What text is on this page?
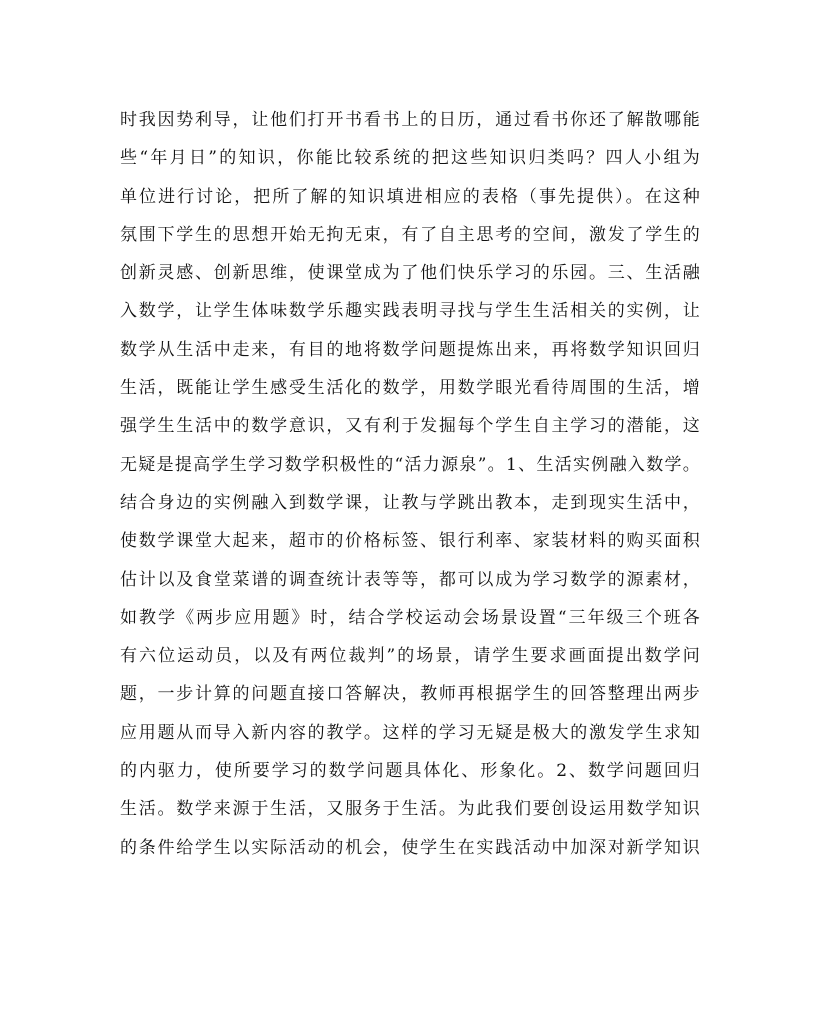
时我因势利导，让他们打开书看书上的日历，通过看书你还了解散哪能
些“年月日”的知识，你能比较系统的把这些知识归类吗？四人小组为
单位进行讨论，把所了解的知识填进相应的表格（事先提供）。在这种
氛围下学生的思想开始无拘无束，有了自主思考的空间，激发了学生的
创新灵感、创新思维，使课堂成为了他们快乐学习的乐园。三、生活融
入数学，让学生体味数学乐趣实践表明寻找与学生生活相关的实例，让
数学从生活中走来，有目的地将数学问题提炼出来，再将数学知识回归
生活，既能让学生感受生活化的数学，用数学眼光看待周围的生活，增
强学生生活中的数学意识，又有利于发掘每个学生自主学习的潜能，这
无疑是提高学生学习数学积极性的“活力源泉”。1、生活实例融入数学。
结合身边的实例融入到数学课，让教与学跳出教本，走到现实生活中，
使数学课堂大起来，超市的价格标签、银行利率、家装材料的购买面积
估计以及食堂菜谱的调查统计表等等，都可以成为学习数学的源素材，
如教学《两步应用题》时，结合学校运动会场景设置“三年级三个班各
有六位运动员，以及有两位裁判”的场景，请学生要求画面提出数学问
题，一步计算的问题直接口答解决，教师再根据学生的回答整理出两步
应用题从而导入新内容的教学。这样的学习无疑是极大的激发学生求知
的内驱力，使所要学习的数学问题具体化、形象化。2、数学问题回归
生活。数学来源于生活，又服务于生活。为此我们要创设运用数学知识
的条件给学生以实际活动的机会，使学生在实践活动中加深对新学知识
